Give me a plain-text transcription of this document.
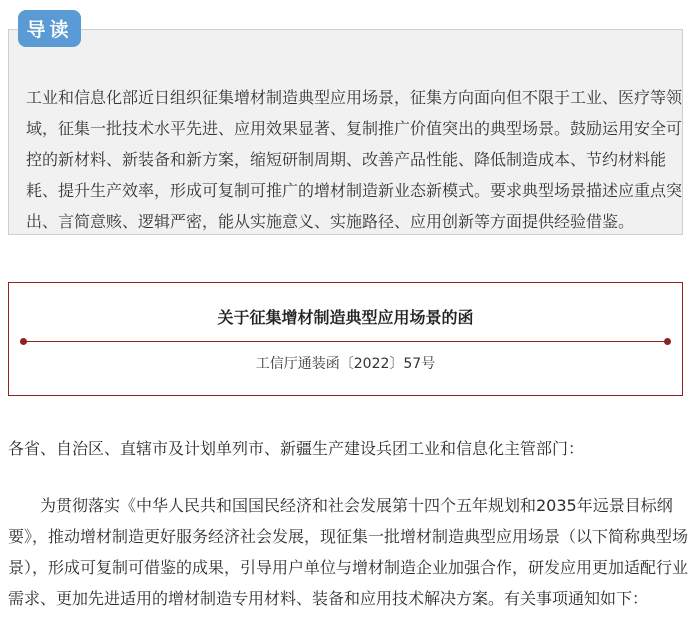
导读

工业和信息化部近日组织征集增材制造典型应用场景，征集方向面向但不限于工业、医疗等领域，征集一批技术水平先进、应用效果显著、复制推广价值突出的典型场景。鼓励运用安全可控的新材料、新装备和新方案，缩短研制周期、改善产品性能、降低制造成本、节约材料能耗、提升生产效率，形成可复制可推广的增材制造新业态新模式。要求典型场景描述应重点突出、言简意赅、逻辑严密，能从实施意义、实施路径、应用创新等方面提供经验借鉴。

关于征集增材制造典型应用场景的函
工信厅通装函〔2022〕57号

各省、自治区、直辖市及计划单列市、新疆生产建设兵团工业和信息化主管部门：

为贯彻落实《中华人民共和国国民经济和社会发展第十四个五年规划和2035年远景目标纲要》，推动增材制造更好服务经济社会发展，现征集一批增材制造典型应用场景（以下简称典型场景），形成可复制可借鉴的成果，引导用户单位与增材制造企业加强合作，研发应用更加适配行业需求、更加先进适用的增材制造专用材料、装备和应用技术解决方案。有关事项通知如下：
